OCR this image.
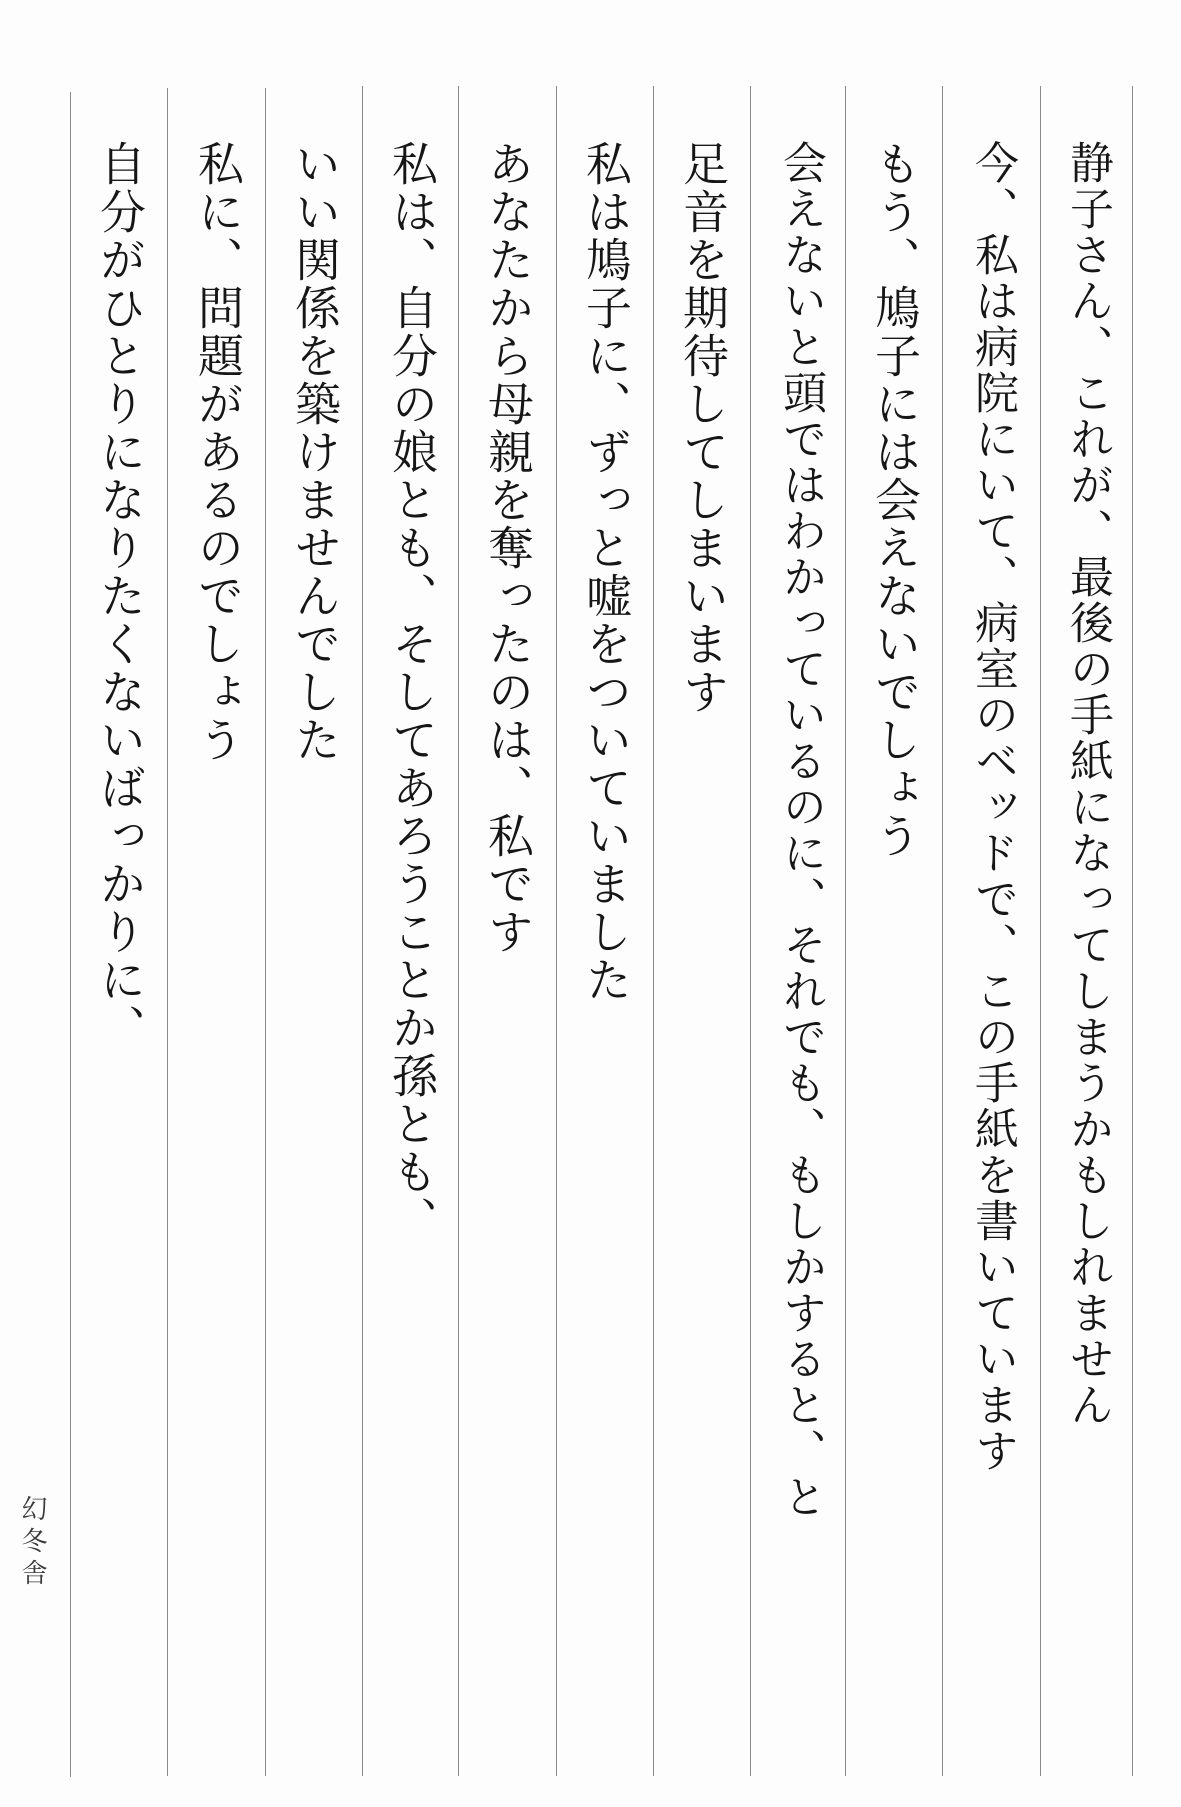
静子さん、これが、最後の手紙になってしまうかもしれません
今、私は病院にいて、病室のベッドで、この手紙を書いています
もう、鳩子には会えないでしょう
会えないと頭ではわかっているのに、それでも、もしかすると、と
足音を期待してしまいます
私は鳩子に、ずっと嘘をついていました
あなたから母親を奪ったのは、私です
私は、自分の娘とも、そしてあろうことか孫とも、
いい関係を築けませんでした
私に、問題があるのでしょう
自分がひとりになりたくないばっかりに、
幻冬舎
